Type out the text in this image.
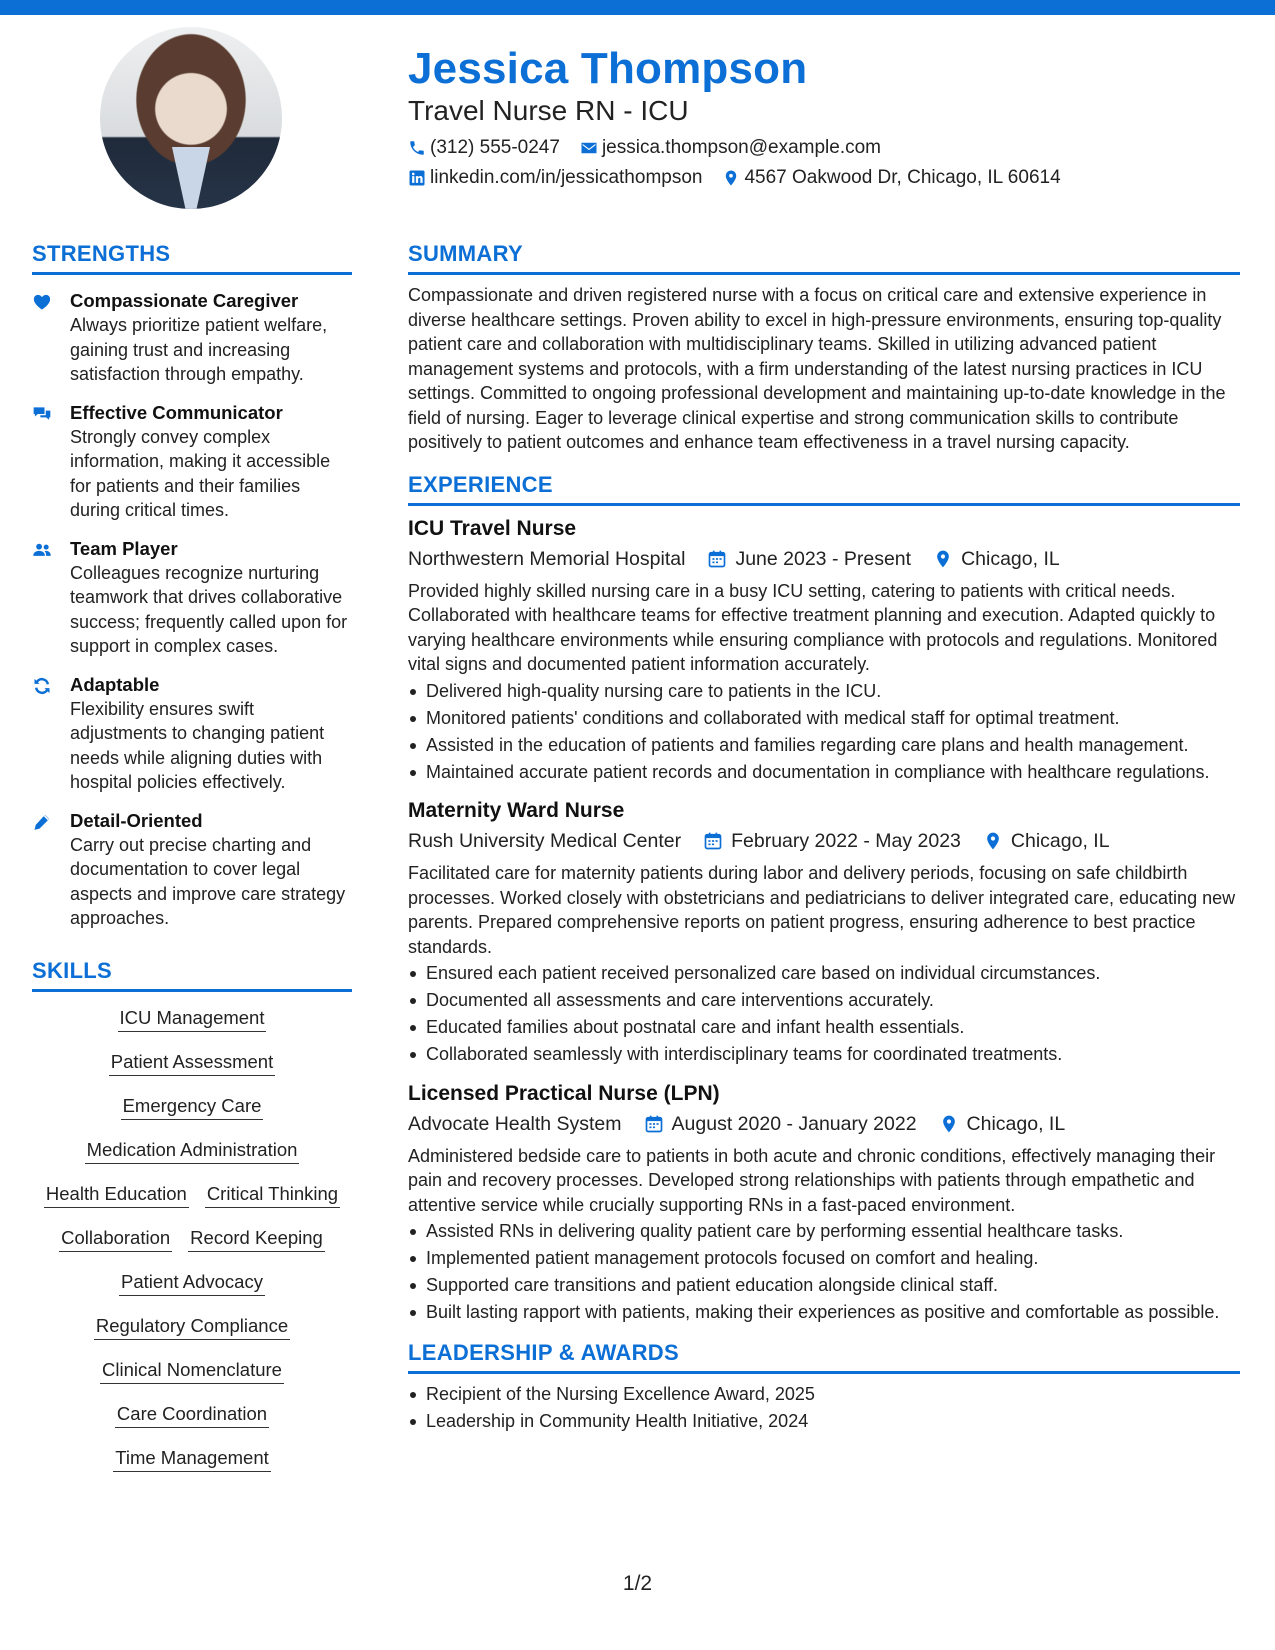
Jessica Thompson
Travel Nurse RN - ICU
(312) 555-0247 jessica.thompson@example.com
linkedin.com/in/jessicathompson 4567 Oakwood Dr, Chicago, IL 60614
STRENGTHS
Compassionate Caregiver
Always prioritize patient welfare, gaining trust and increasing satisfaction through empathy.
Effective Communicator
Strongly convey complex information, making it accessible for patients and their families during critical times.
Team Player
Colleagues recognize nurturing teamwork that drives collaborative success; frequently called upon for support in complex cases.
Adaptable
Flexibility ensures swift adjustments to changing patient needs while aligning duties with hospital policies effectively.
Detail-Oriented
Carry out precise charting and documentation to cover legal aspects and improve care strategy approaches.
SKILLS
ICU Management
Patient Assessment
Emergency Care
Medication Administration
Health Education Critical Thinking
Collaboration Record Keeping
Patient Advocacy
Regulatory Compliance
Clinical Nomenclature
Care Coordination
Time Management
SUMMARY
Compassionate and driven registered nurse with a focus on critical care and extensive experience in diverse healthcare settings. Proven ability to excel in high-pressure environments, ensuring top-quality patient care and collaboration with multidisciplinary teams. Skilled in utilizing advanced patient management systems and protocols, with a firm understanding of the latest nursing practices in ICU settings. Committed to ongoing professional development and maintaining up-to-date knowledge in the field of nursing. Eager to leverage clinical expertise and strong communication skills to contribute positively to patient outcomes and enhance team effectiveness in a travel nursing capacity.
EXPERIENCE
ICU Travel Nurse
Northwestern Memorial Hospital	June 2023 - Present	Chicago, IL
Provided highly skilled nursing care in a busy ICU setting, catering to patients with critical needs. Collaborated with healthcare teams for effective treatment planning and execution. Adapted quickly to varying healthcare environments while ensuring compliance with protocols and regulations. Monitored vital signs and documented patient information accurately.
Delivered high-quality nursing care to patients in the ICU.
Monitored patients' conditions and collaborated with medical staff for optimal treatment.
Assisted in the education of patients and families regarding care plans and health management.
Maintained accurate patient records and documentation in compliance with healthcare regulations.
Maternity Ward Nurse
Rush University Medical Center	February 2022 - May 2023	Chicago, IL
Facilitated care for maternity patients during labor and delivery periods, focusing on safe childbirth processes. Worked closely with obstetricians and pediatricians to deliver integrated care, educating new parents. Prepared comprehensive reports on patient progress, ensuring adherence to best practice standards.
Ensured each patient received personalized care based on individual circumstances.
Documented all assessments and care interventions accurately.
Educated families about postnatal care and infant health essentials.
Collaborated seamlessly with interdisciplinary teams for coordinated treatments.
Licensed Practical Nurse (LPN)
Advocate Health System	August 2020 - January 2022	Chicago, IL
Administered bedside care to patients in both acute and chronic conditions, effectively managing their pain and recovery processes. Developed strong relationships with patients through empathetic and attentive service while crucially supporting RNs in a fast-paced environment.
Assisted RNs in delivering quality patient care by performing essential healthcare tasks.
Implemented patient management protocols focused on comfort and healing.
Supported care transitions and patient education alongside clinical staff.
Built lasting rapport with patients, making their experiences as positive and comfortable as possible.
LEADERSHIP & AWARDS
Recipient of the Nursing Excellence Award, 2025
Leadership in Community Health Initiative, 2024
1/2
